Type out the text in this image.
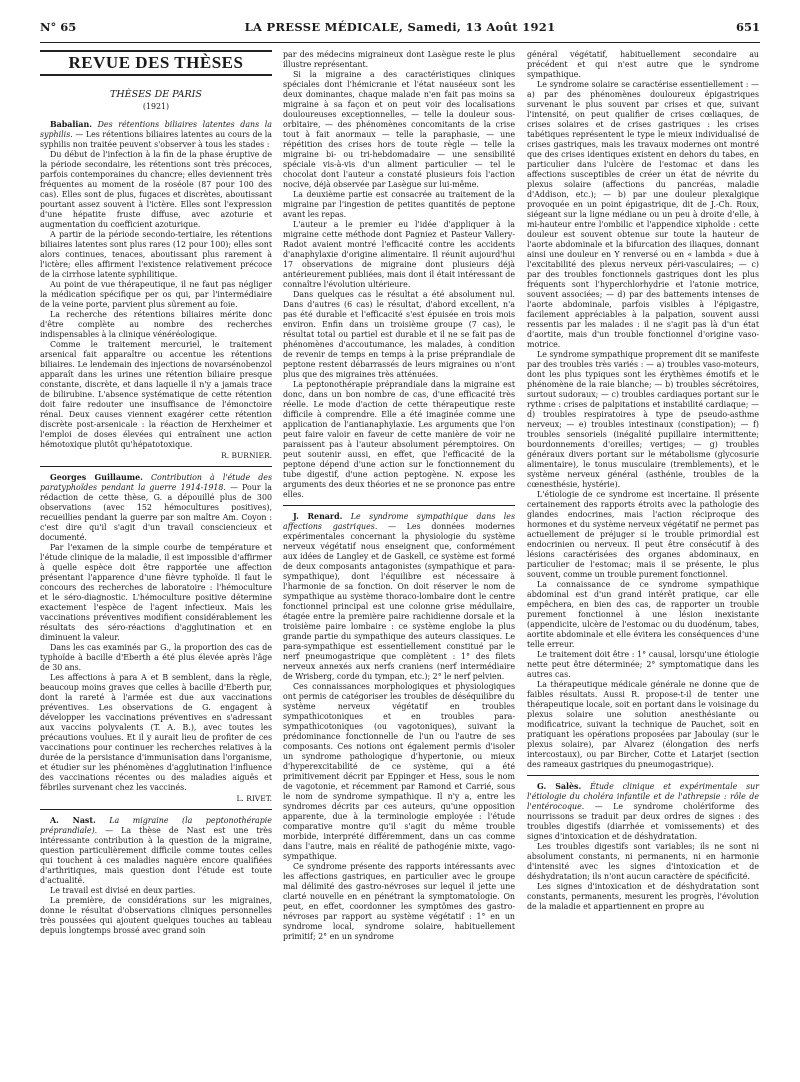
N° 65	LA PRESSE MÉDICALE, Samedi, 13 Août 1921	651
REVUE DES THÈSES
THÈSES DE PARIS
(1921)

Babalian. Des rétentions biliaires latentes dans la syphilis. — Les rétentions biliaires latentes au cours de la syphilis non traitée peuvent s'observer à tous les stades :

Du début de l'infection à la fin de la phase éruptive de la période secondaire, les rétentions sont très précoces, parfois contemporaines du chancre; elles deviennent très fréquentes au moment de la roséole (87 pour 100 des cas). Elles sont de plus, fugaces et discrètes, aboutissant pourtant assez souvent à l'ictère. Elles sont l'expression d'une hépatite fruste diffuse, avec azoturie et augmentation du coefficient azoturique.

A partir de la période secondo-tertiaire, les rétentions biliaires latentes sont plus rares (12 pour 100); elles sont alors continues, tenaces, aboutissant plus rarement à l'ictère; elles affirment l'existence relativement précoce de la cirrhose latente syphilitique.

Au point de vue thérapeutique, il ne faut pas négliger la médication spécifique per os qui, par l'intermédiaire de la veine porte, parvient plus sûrement au foie.

La recherche des rétentions biliaires mérite donc d'être complète au nombre des recherches indispensables à la clinique vénéréologique.

Comme le traitement mercuriel, le traitement arsenical fait apparaître ou accentue les rétentions biliaires. Le lendemain des injections de novarsénobenzol apparaît dans les urines une rétention biliaire presque constante, discrète, et dans laquelle il n'y a jamais trace de bilirubine. L'absence systématique de cette rétention doit faire redouter une insuffisance de l'émonctoire rénal. Deux causes viennent exagérer cette rétention discrète post-arsenicale : la réaction de Herxheimer et l'emploi de doses élevées qui entraînent une action hémotoxique plutôt qu'hépatotoxique.

R. BURNIER.

Georges Guillaume. Contribution à l'étude des paratyphoïdes pendant la guerre 1914-1918. — Pour la rédaction de cette thèse, G. a dépouillé plus de 300 observations (avec 152 hémocultures positives), recueillies pendant la guerre par son maître Am. Coyon : c'est dire qu'il s'agit d'un travail consciencieux et documenté.

Par l'examen de la simple courbe de température et l'étude clinique de la maladie, il est impossible d'affirmer à quelle espèce doit être rapportée une affection présentant l'apparence d'une fièvre typhoïde. Il faut le concours des recherches de laboratoire : l'hémoculture et le séro-diagnostic. L'hémoculture positive détermine exactement l'espèce de l'agent infectieux. Mais les vaccinations préventives modifient considérablement les résultats des séro-réactions d'agglutination et en diminuent la valeur.

Dans les cas examinés par G., la proportion des cas de typhoïde à bacille d'Eberth a été plus élevée après l'âge de 30 ans.

Les affections à para A et B semblent, dans la règle, beaucoup moins graves que celles à bacille d'Eberth pur, dont la rareté à l'armée est due aux vaccinations préventives. Les observations de G. engagent à développer les vaccinations préventives en s'adressant aux vaccins polyvalents (T. A. B.), avec toutes les précautions voulues. Et il y aurait lieu de profiter de ces vaccinations pour continuer les recherches relatives à la durée de la persistance d'immunisation dans l'organisme, et étudier sur les phénomènes d'agglutination l'influence des vaccinations récentes ou des maladies aiguës et fébriles survenant chez les vaccinés.

L. RIVET.

A. Nast. La migraine (la peptonothérapie préprandiale). — La thèse de Nast est une très intéressante contribution à la question de la migraine, question particulièrement difficile comme toutes celles qui touchent à ces maladies naguère encore qualifiées d'arthritiques, mais question dont l'étude est toute d'actualité.

Le travail est divisé en deux parties.

La première, de considérations sur les migraines, donne le résultat d'observations cliniques personnelles très poussées qui ajoutent quelques touches au tableau depuis longtemps brossé avec grand soin

par des médecins migraineux dont Lasègue reste le plus illustre représentant.

Si la migraine a des caractéristiques cliniques spéciales dont l'hémicranie et l'état nauséeux sont les deux dominantes, chaque malade n'en fait pas moins sa migraine à sa façon et on peut voir des localisations douloureuses exceptionnelles, — telle la douleur sous-orbitaire, — des phénomènes concomitants de la crise tout à fait anormaux — telle la paraphasie, — une répétition des crises hors de toute règle — telle la migraine bi- ou tri-hebdomadaire — une sensibilité spéciale vis-à-vis d'un aliment particulier — tel le chocolat dont l'auteur a constaté plusieurs fois l'action nocive, déjà observée par Lasègue sur lui-même.

La deuxième partie est consacrée au traitement de la migraine par l'ingestion de petites quantités de peptone avant les repas.

L'auteur a le premier eu l'idée d'appliquer à la migraine cette méthode dont Pagniez et Pasteur Vallery-Radot avaient montré l'efficacité contre les accidents d'anaphylaxie d'origine alimentaire. Il réunit aujourd'hui 17 observations de migraine dont plusieurs déjà antérieurement publiées, mais dont il était intéressant de connaître l'évolution ultérieure.

Dans quelques cas le résultat a été absolument nul. Dans d'autres (6 cas) le résultat, d'abord excellent, n'a pas été durable et l'efficacité s'est épuisée en trois mois environ. Enfin dans un troisième groupe (7 cas), le résultat total ou partiel est durable et il ne se fait pas de phénomènes d'accoutumance, les malades, à condition de revenir de temps en temps à la prise préprandiale de peptone restent débarrassés de leurs migraines ou n'ont plus que des migraines très atténuées.

La peptonothérapie préprandiale dans la migraine est donc, dans un bon nombre de cas, d'une efficacité très réelle. Le mode d'action de cette thérapeutique reste difficile à comprendre. Elle a été imaginée comme une application de l'antianaphylaxie. Les arguments que l'on peut faire valoir en faveur de cette manière de voir ne paraissent pas à l'auteur absolument péremptoires. On peut soutenir aussi, en effet, que l'efficacité de la peptone dépend d'une action sur le fonctionnement du tube digestif, d'une action peptogène. N. expose les arguments des deux théories et ne se prononce pas entre elles.

J. Renard. Le syndrome sympathique dans les affections gastriques. — Les données modernes expérimentales concernant la physiologie du système nerveux végétatif nous enseignent que, conformément aux idées de Langley et de Gaskell, ce système est formé de deux composants antagonistes (sympathique et para-sympathique), dont l'équilibre est nécessaire à l'harmonie de sa fonction. On doit réserver le nom de sympathique au système thoraco-lombaire dont le centre fonctionnel principal est une colonne grise médullaire, étagée entre la première paire rachidienne dorsale et la troisième paire lombaire : ce système englobe la plus grande partie du sympathique des auteurs classiques. Le para-sympathique est essentiellement constitué par le nerf pneumogastrique que complètent : 1° des filets nerveux annexés aux nerfs craniens (nerf intermédiaire de Wrisberg, corde du tympan, etc.); 2° le nerf pelvien.

Ces connaissances morphologiques et physiologiques ont permis de catégoriser les troubles de déséquilibre du système nerveux végétatif en troubles sympathicotoniques et en troubles para-sympathicotoniques (ou vagotoniques), suivant la prédominance fonctionnelle de l'un ou l'autre de ses composants. Ces notions ont également permis d'isoler un syndrome pathologique d'hypertonie, ou mieux d'hyperexcitabilité de ce système, qui a été primitivement décrit par Eppinger et Hess, sous le nom de vagotonie, et récemment par Ramond et Carrié, sous le nom de syndrome sympathique. Il n'y a, entre les syndromes décrits par ces auteurs, qu'une opposition apparente, due à la terminologie employée : l'étude comparative montre qu'il s'agit du même trouble morbide, interprété différemment, dans un cas comme dans l'autre, mais en réalité de pathogénie mixte, vago-sympathique.

Ce syndrome présente des rapports intéressants avec les affections gastriques, en particulier avec le groupe mal délimité des gastro-névroses sur lequel il jette une clarté nouvelle en en pénétrant la symptomatologie. On peut, en effet, coordonner les symptômes des gastro-névroses par rapport au système végétatif : 1° en un syndrome local, syndrome solaire, habituellement primitif; 2° en un syndrome

général végétatif, habituellement secondaire au précédent et qui n'est autre que le syndrome sympathique.

Le syndrome solaire se caractérise essentiellement : — a) par des phénomènes douloureux épigastriques survenant le plus souvent par crises et que, suivant l'intensité, on peut qualifier de crises cœliaques, de crises solaires et de crises gastriques : les crises tabétiques représentent le type le mieux individualisé de crises gastriques, mais les travaux modernes ont montré que des crises identiques existent en dehors du tabes, en particulier dans l'ulcère de l'estomac et dans les affections susceptibles de créer un état de névrite du plexus solaire (affections du pancréas, maladie d'Addison, etc.); — b) par une douleur plexalgique provoquée en un point épigastrique, dit de J.-Ch. Roux, siégeant sur la ligne médiane ou un peu à droite d'elle, à mi-hauteur entre l'ombilic et l'appendice xiphoïde : cette douleur est souvent obtenue sur toute la hauteur de l'aorte abdominale et la bifurcation des iliaques, donnant ainsi une douleur en Y renversé ou en « lambda » due à l'excitabilité des plexus nerveux péri-vasculaires; — c) par des troubles fonctionnels gastriques dont les plus fréquents sont l'hyperchlorhydrie et l'atonie motrice, souvent associées; — d) par des battements intenses de l'aorte abdominale, parfois visibles à l'épigastre, facilement appréciables à la palpation, souvent aussi ressentis par les malades : il ne s'agit pas là d'un état d'aortite, mais d'un trouble fonctionnel d'origine vaso-motrice.

Le syndrome sympathique proprement dit se manifeste par des troubles très variés : — a) troubles vaso-moteurs, dont les plus typiques sont les érythèmes émotifs et le phénomène de la raie blanche; — b) troubles sécrétoires, surtout sudoraux; — c) troubles cardiaques portant sur le rythme : crises de palpitations et instabilité cardiaque; — d) troubles respiratoires à type de pseudo-asthme nerveux; — e) troubles intestinaux (constipation); — f) troubles sensoriels (inégalité pupillaire intermittente; bourdonnements d'oreilles; vertiges; — g) troubles généraux divers portant sur le métabolisme (glycosurie alimentaire), le tonus musculaire (tremblements), et le système nerveux général (asthénie, troubles de la cœnesthésie, hystérie).

L'étiologie de ce syndrome est incertaine. Il présente certainement des rapports étroits avec la pathologie des glandes endocrines, mais l'action réciproque des hormones et du système nerveux végétatif ne permet pas actuellement de préjuger si le trouble primordial est endocrinien ou nerveux. Il peut être consécutif à des lésions caractérisées des organes abdominaux, en particulier de l'estomac; mais il se présente, le plus souvent, comme un trouble purement fonctionnel.

La connaissance de ce syndrome sympathique abdominal est d'un grand intérêt pratique, car elle empêchera, en bien des cas, de rapporter un trouble purement fonctionnel à une lésion inexistante (appendicite, ulcère de l'estomac ou du duodénum, tabes, aortite abdominale et elle évitera les conséquences d'une telle erreur.

Le traitement doit être : 1° causal, lorsqu'une étiologie nette peut être déterminée; 2° symptomatique dans les autres cas.

La thérapeutique médicale générale ne donne que de faibles résultats. Aussi R. propose-t-il de tenter une thérapeutique locale, soit en portant dans le voisinage du plexus solaire une solution anesthésiante ou modificatrice, suivant la technique de Pauchet, soit en pratiquant les opérations proposées par Jaboulay (sur le plexus solaire), par Alvarez (élongation des nerfs intercostaux), ou par Bircher, Cotte et Latarjet (section des rameaux gastriques du pneumogastrique).

G. Salès. Étude clinique et expérimentale sur l'étiologie du choléra infantile et de l'athrepsie : rôle de l'entérocoque. — Le syndrome cholériforme des nourrissons se traduit par deux ordres de signes : des troubles digestifs (diarrhée et vomissements) et des signes d'intoxication et de déshydratation.

Les troubles digestifs sont variables; ils ne sont ni absolument constants, ni permanents, ni en harmonie d'intensité avec les signes d'intoxication et de déshydratation; ils n'ont aucun caractère de spécificité.

Les signes d'intoxication et de déshydratation sont constants, permanents, mesurent les progrès, l'évolution de la maladie et appartiennent en propre au
